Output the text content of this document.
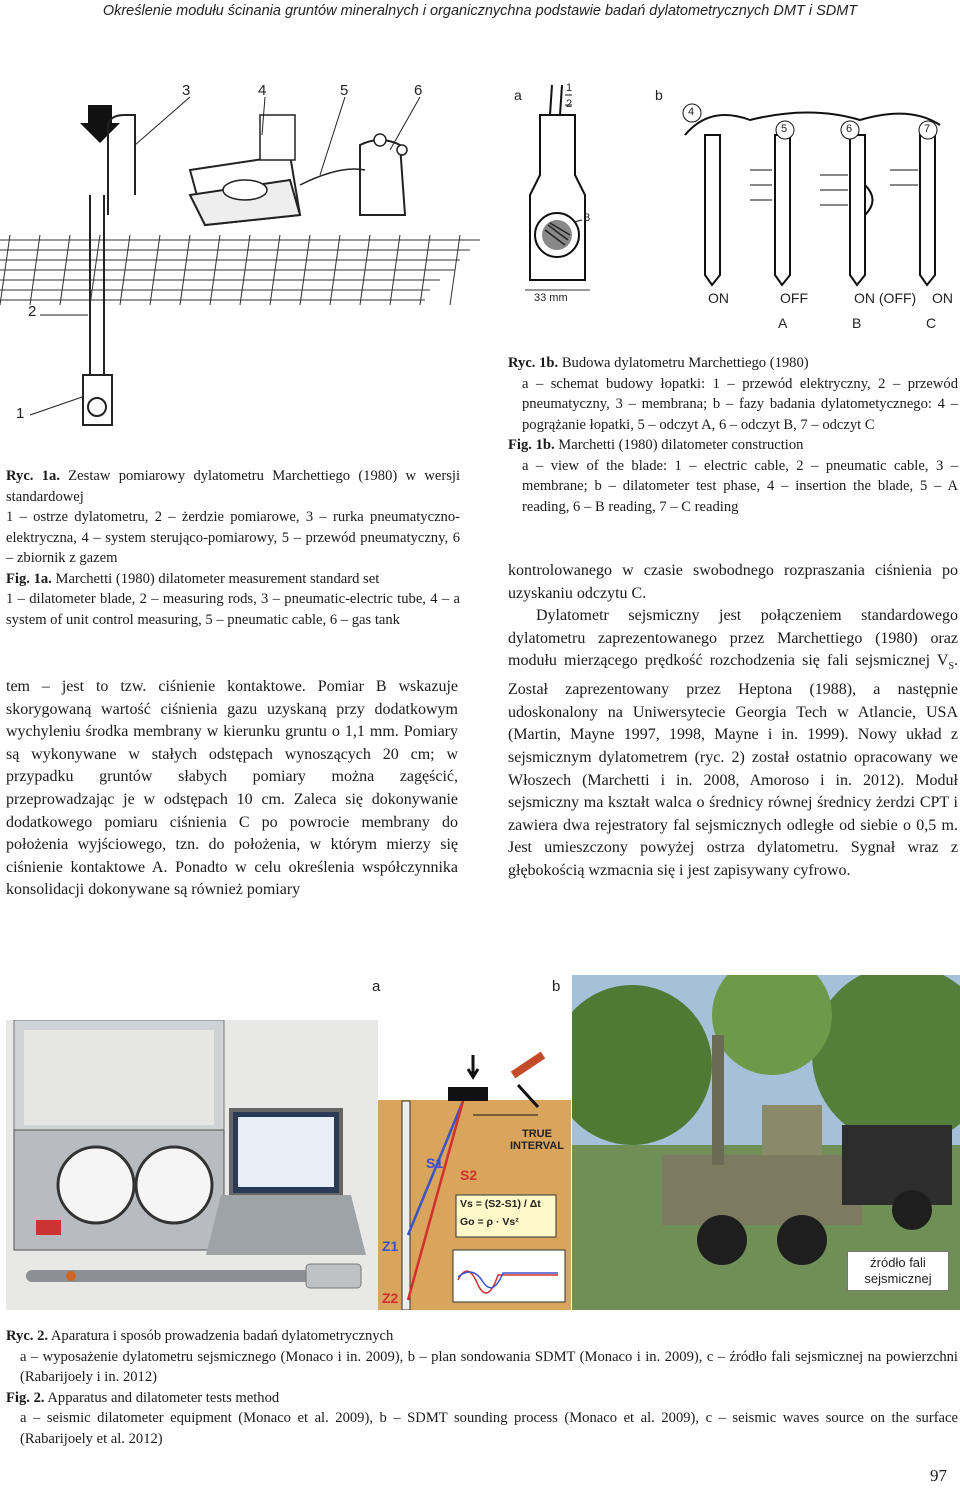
Określenie modułu ścinania gruntów mineralnych i organicznychna podstawie badań dylatometrycznych DMT i SDMT
3	4	5	6
2
1
Ryc. 1a. Zestaw pomiarowy dylatometru Marchettiego (1980) w wersji standardowej
1 – ostrze dylatometru, 2 – żerdzie pomiarowe, 3 – rurka pneumatyczno-elektryczna, 4 – system sterująco-pomiarowy, 5 – przewód pneumatyczny, 6 – zbiornik z gazem
Fig. 1a. Marchetti (1980) dilatometer measurement standard set
1 – dilatometer blade, 2 – measuring rods, 3 – pneumatic-electric tube, 4 – a system of unit control measuring, 5 – pneumatic cable, 6 – gas tank
tem – jest to tzw. ciśnienie kontaktowe. Pomiar B wskazuje skorygowaną wartość ciśnienia gazu uzyskaną przy dodatkowym wychyleniu środka membrany w kierunku gruntu o 1,1 mm. Pomiary są wykonywane w stałych odstępach wynoszących 20 cm; w przypadku gruntów słabych pomiary można zagęścić, przeprowadzając je w odstępach 10 cm. Zaleca się dokonywanie dodatkowego pomiaru ciśnienia C po powrocie membrany do położenia wyjściowego, tzn. do położenia, w którym mierzy się ciśnienie kontaktowe A. Ponadto w celu określenia współczynnika konsolidacji dokonywane są również pomiary
a	b
1
2
3
4
5	6	7
33 mm	ON	OFF	ON (OFF) ON
A	B	C
Ryc. 1b. Budowa dylatometru Marchettiego (1980)
a – schemat budowy łopatki: 1 – przewód elektryczny, 2 – przewód pneumatyczny, 3 – membrana; b – fazy badania dylatometycznego: 4 – pogrążanie łopatki, 5 – odczyt A, 6 – odczyt B, 7 – odczyt C
Fig. 1b. Marchetti (1980) dilatometer construction
a – view of the blade: 1 – electric cable, 2 – pneumatic cable, 3 – membrane; b – dilatometer test phase, 4 – insertion the blade, 5 – A reading, 6 – B reading, 7 – C reading
kontrolowanego w czasie swobodnego rozpraszania ciśnienia po uzyskaniu odczytu C.
Dylatometr sejsmiczny jest połączeniem standardowego dylatometru zaprezentowanego przez Marchettiego (1980) oraz modułu mierzącego prędkość rozchodzenia się fali sejsmicznej $V_S$. Został zaprezentowany przez Heptona (1988), a następnie udoskonalony na Uniwersytecie Georgia Tech w Atlancie, USA (Martin, Mayne 1997, 1998, Mayne i in. 1999). Nowy układ z sejsmicznym dylatometrem (ryc. 2) został ostatnio opracowany we Włoszech (Marchetti i in. 2008, Amoroso i in. 2012). Moduł sejsmiczny ma kształt walca o średnicy równej średnicy żerdzi CPT i zawiera dwa rejestratory fal sejsmicznych odległe od siebie o 0,5 m. Jest umieszczony powyżej ostrza dylatometru. Sygnał wraz z głębokością wzmacnia się i jest zapisywany cyfrowo.
a	b
TRUE INTERVAL
S1
S2
Z1
Z2
Vs = (S2-S1) / Δt
Go = ρ · Vs²
źródło fali
sejsmicznej
Ryc. 2. Aparatura i sposób prowadzenia badań dylatometrycznych
a – wyposażenie dylatometru sejsmicznego (Monaco i in. 2009), b – plan sondowania SDMT (Monaco i in. 2009), c – źródło fali sejsmicznej na powierzchni (Rabarijoely i in. 2012)
Fig. 2. Apparatus and dilatometer tests method
a – seismic dilatometer equipment (Monaco et al. 2009), b – SDMT sounding process (Monaco et al. 2009), c – seismic waves source on the surface (Rabarijoely et al. 2012)
97
